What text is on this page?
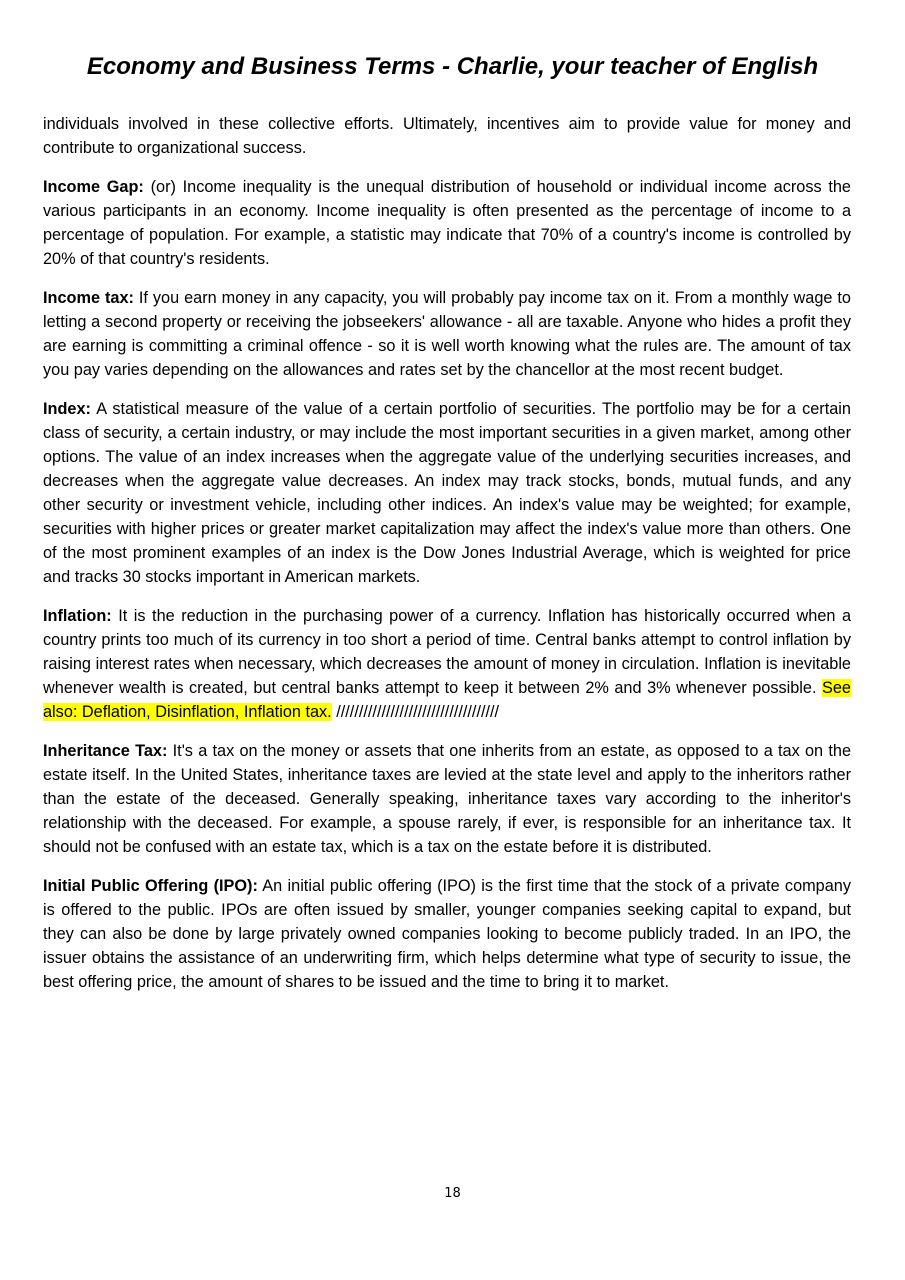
Economy and Business Terms - Charlie, your teacher of English

individuals involved in these collective efforts. Ultimately, incentives aim to provide value for money and contribute to organizational success.

Income Gap: (or) Income inequality is the unequal distribution of household or individual income across the various participants in an economy. Income inequality is often presented as the percentage of income to a percentage of population. For example, a statistic may indicate that 70% of a country's income is controlled by 20% of that country's residents.

Income tax: If you earn money in any capacity, you will probably pay income tax on it. From a monthly wage to letting a second property or receiving the jobseekers' allowance - all are taxable. Anyone who hides a profit they are earning is committing a criminal offence - so it is well worth knowing what the rules are. The amount of tax you pay varies depending on the allowances and rates set by the chancellor at the most recent budget.

Index: A statistical measure of the value of a certain portfolio of securities. The portfolio may be for a certain class of security, a certain industry, or may include the most important securities in a given market, among other options. The value of an index increases when the aggregate value of the underlying securities increases, and decreases when the aggregate value decreases. An index may track stocks, bonds, mutual funds, and any other security or investment vehicle, including other indices. An index's value may be weighted; for example, securities with higher prices or greater market capitalization may affect the index's value more than others. One of the most prominent examples of an index is the Dow Jones Industrial Average, which is weighted for price and tracks 30 stocks important in American markets.

Inflation: It is the reduction in the purchasing power of a currency. Inflation has historically occurred when a country prints too much of its currency in too short a period of time. Central banks attempt to control inflation by raising interest rates when necessary, which decreases the amount of money in circulation. Inflation is inevitable whenever wealth is created, but central banks attempt to keep it between 2% and 3% whenever possible. See also: Deflation, Disinflation, Inflation tax. ////////////////////////////////////

Inheritance Tax: It's a tax on the money or assets that one inherits from an estate, as opposed to a tax on the estate itself. In the United States, inheritance taxes are levied at the state level and apply to the inheritors rather than the estate of the deceased. Generally speaking, inheritance taxes vary according to the inheritor's relationship with the deceased. For example, a spouse rarely, if ever, is responsible for an inheritance tax. It should not be confused with an estate tax, which is a tax on the estate before it is distributed.

Initial Public Offering (IPO): An initial public offering (IPO) is the first time that the stock of a private company is offered to the public. IPOs are often issued by smaller, younger companies seeking capital to expand, but they can also be done by large privately owned companies looking to become publicly traded. In an IPO, the issuer obtains the assistance of an underwriting firm, which helps determine what type of security to issue, the best offering price, the amount of shares to be issued and the time to bring it to market.

18
